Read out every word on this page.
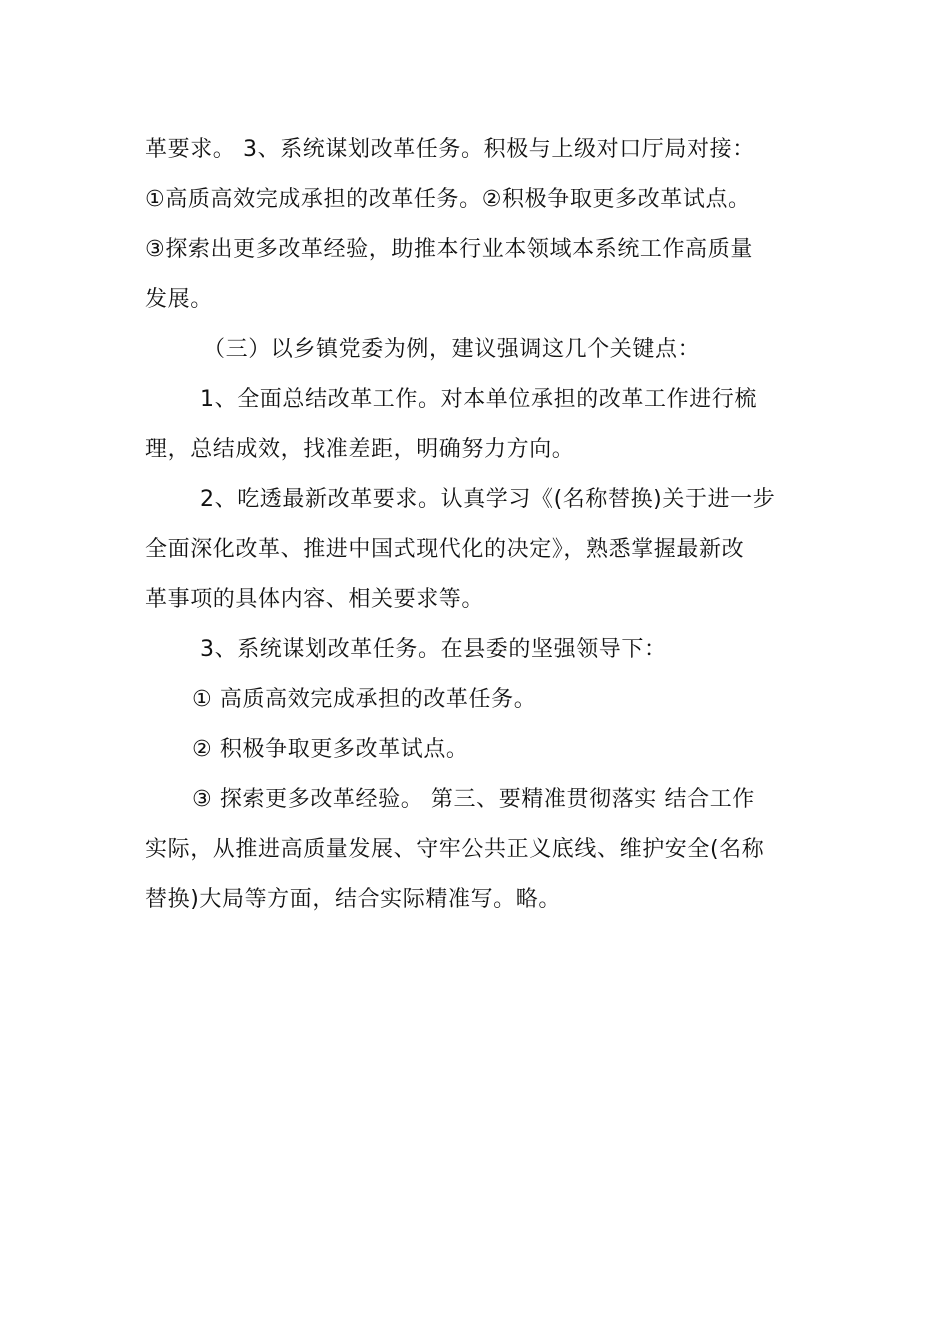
革要求。 3、系统谋划改革任务。积极与上级对口厅局对接：
①高质高效完成承担的改革任务。②积极争取更多改革试点。
③探索出更多改革经验，助推本行业本领域本系统工作高质量
发展。
（三）以乡镇党委为例，建议强调这几个关键点：
1、全面总结改革工作。对本单位承担的改革工作进行梳
理，总结成效，找准差距，明确努力方向。
2、吃透最新改革要求。认真学习《(名称替换)关于进一步
全面深化改革、推进中国式现代化的决定》，熟悉掌握最新改
革事项的具体内容、相关要求等。
3、系统谋划改革任务。在县委的坚强领导下：
① 高质高效完成承担的改革任务。
② 积极争取更多改革试点。
③ 探索更多改革经验。 第三、要精准贯彻落实 结合工作
实际，从推进高质量发展、守牢公共正义底线、维护安全(名称
替换)大局等方面，结合实际精准写。略。
